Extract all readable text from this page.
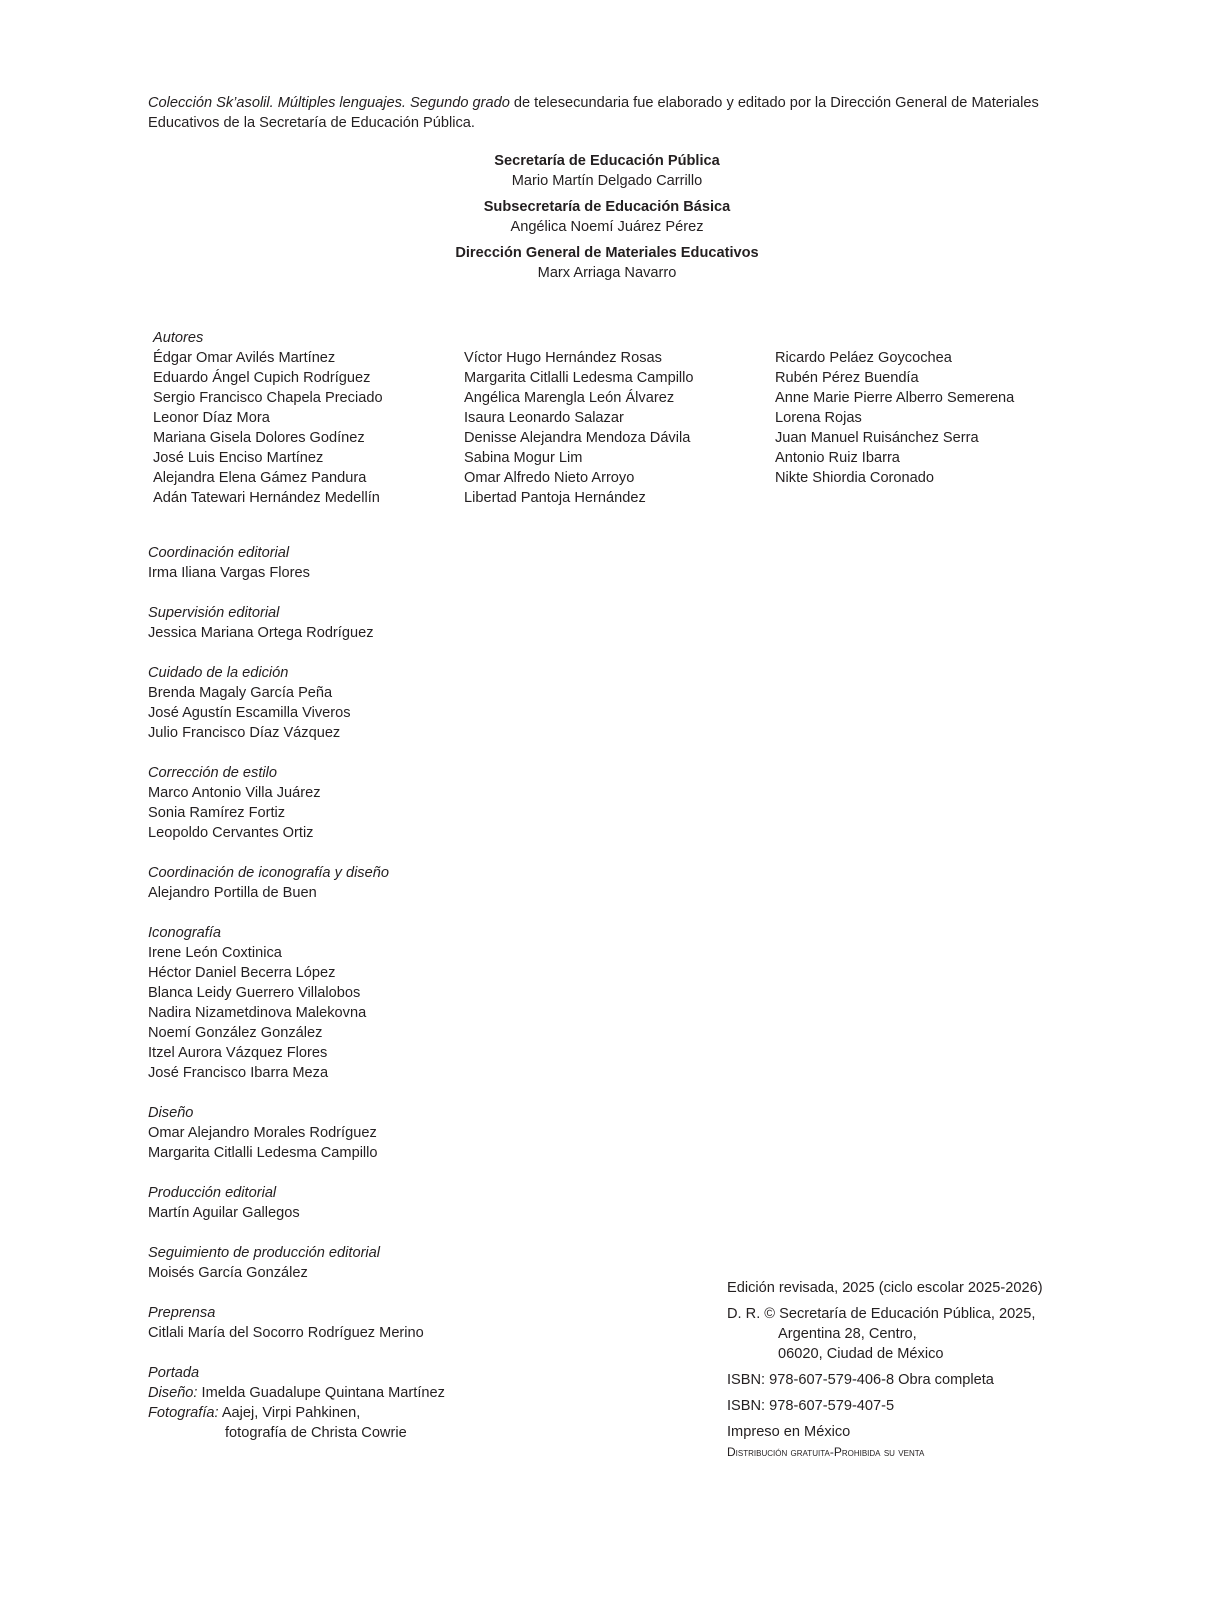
Colección Sk’asolil. Múltiples lenguajes. Segundo grado de telesecundaria fue elaborado y editado por la Dirección General de Materiales Educativos de la Secretaría de Educación Pública.

Secretaría de Educación Pública
Mario Martín Delgado Carrillo
Subsecretaría de Educación Básica
Angélica Noemí Juárez Pérez
Dirección General de Materiales Educativos
Marx Arriaga Navarro
Autores
Édgar Omar Avilés Martínez
Eduardo Ángel Cupich Rodríguez
Sergio Francisco Chapela Preciado
Leonor Díaz Mora
Mariana Gisela Dolores Godínez
José Luis Enciso Martínez
Alejandra Elena Gámez Pandura
Adán Tatewari Hernández Medellín
Víctor Hugo Hernández Rosas
Margarita Citlalli Ledesma Campillo
Angélica Marengla León Álvarez
Isaura Leonardo Salazar
Denisse Alejandra Mendoza Dávila
Sabina Mogur Lim
Omar Alfredo Nieto Arroyo
Libertad Pantoja Hernández
Ricardo Peláez Goycochea
Rubén Pérez Buendía
Anne Marie Pierre Alberro Semerena
Lorena Rojas
Juan Manuel Ruisánchez Serra
Antonio Ruiz Ibarra
Nikte Shiordia Coronado
Coordinación editorial
Irma Iliana Vargas Flores
Supervisión editorial
Jessica Mariana Ortega Rodríguez
Cuidado de la edición
Brenda Magaly García Peña
José Agustín Escamilla Viveros
Julio Francisco Díaz Vázquez
Corrección de estilo
Marco Antonio Villa Juárez
Sonia Ramírez Fortiz
Leopoldo Cervantes Ortiz
Coordinación de iconografía y diseño
Alejandro Portilla de Buen
Iconografía
Irene León Coxtinica
Héctor Daniel Becerra López
Blanca Leidy Guerrero Villalobos
Nadira Nizametdinova Malekovna
Noemí González González
Itzel Aurora Vázquez Flores
José Francisco Ibarra Meza
Diseño
Omar Alejandro Morales Rodríguez
Margarita Citlalli Ledesma Campillo
Producción editorial
Martín Aguilar Gallegos
Seguimiento de producción editorial
Moisés García González
Preprensa
Citlali María del Socorro Rodríguez Merino
Portada
Diseño: Imelda Guadalupe Quintana Martínez
Fotografía: Aajej, Virpi Pahkinen,
fotografía de Christa Cowrie
Edición revisada, 2025 (ciclo escolar 2025-2026)
D. R. © Secretaría de Educación Pública, 2025,
Argentina 28, Centro,
06020, Ciudad de México
ISBN: 978-607-579-406-8 Obra completa
ISBN: 978-607-579-407-5
Impreso en México
Distribución gratuita-Prohibida su venta
